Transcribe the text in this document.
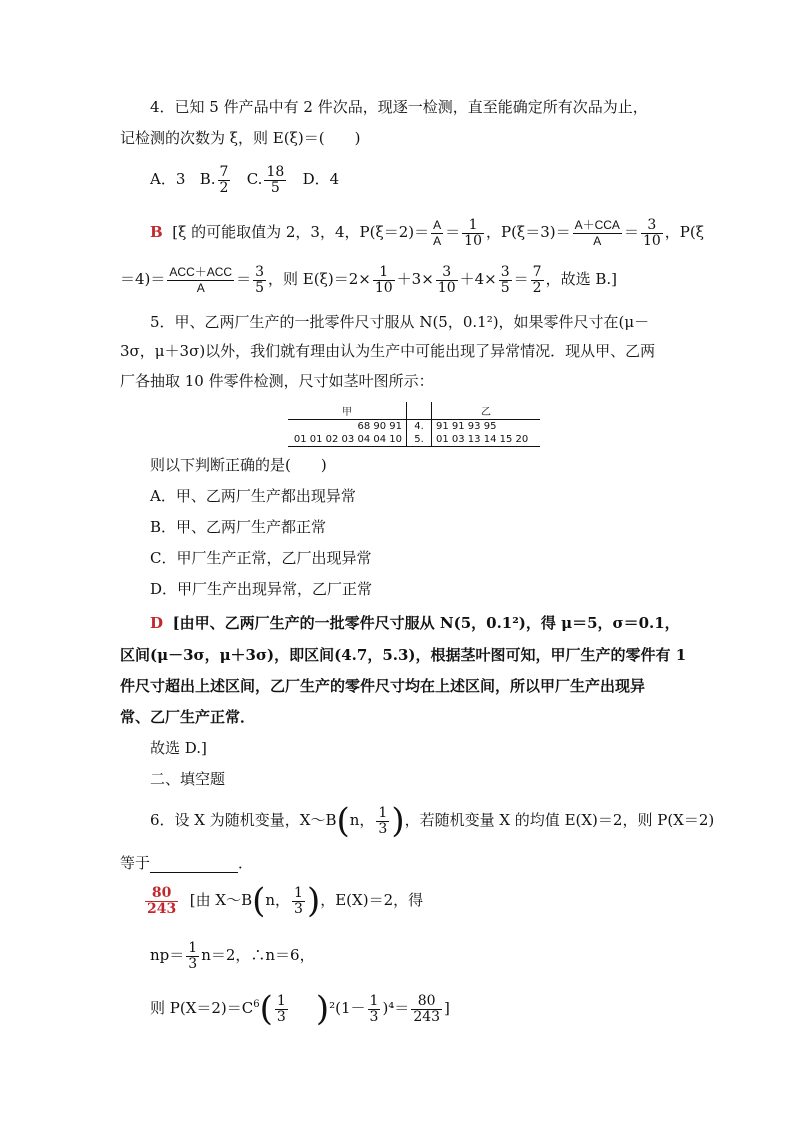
4．已知 5 件产品中有 2 件次品，现逐一检测，直至能确定所有次品为止，
记检测的次数为 ξ，则 E(ξ)＝(　　)
A．3 B. $\frac{7}{2} C$. $\frac{18}{5}$ D．4
B [ξ 的可能取值为 2，3，4，$P(\xi=2)= \frac{A}{A} = \frac{1}{10}$ ，$P(\xi=3)= \frac{\text{A＋CCA}}{A} = \frac{3}{10}$ ，P(ξ
$=4)= \frac{\text{ACC＋ACC}}{A} = \frac{3}{5}$ ，则 $E(\xi)=2\times \frac{1}{10} +3\times \frac{3}{10} +4\times \frac{3}{5} = \frac{7}{2}$ ，故选 B.]
5．甲、乙两厂生产的一批零件尺寸服从 N(5，0.1²)，如果零件尺寸在(μ－
3σ，μ＋3σ)以外，我们就有理由认为生产中可能出现了异常情况．现从甲、乙两
厂各抽取 10 件零件检测，尺寸如茎叶图所示：
甲		乙
68 90 91	4.	91 91 93 95
01 01 02 03 04 04 10	5.	01 03 13 14 15 20
则以下判断正确的是(　　)
A．甲、乙两厂生产都出现异常
B．甲、乙两厂生产都正常
C．甲厂生产正常，乙厂出现异常
D．甲厂生产出现异常，乙厂正常
D [由甲、乙两厂生产的一批零件尺寸服从 N(5，0.1²)，得 μ＝5，σ＝0.1，
区间(μ－3σ，μ＋3σ)，即区间(4.7，5.3)，根据茎叶图可知，甲厂生产的零件有 1
件尺寸超出上述区间，乙厂生产的零件尺寸均在上述区间，所以甲厂生产出现异
常、乙厂生产正常．
故选 D.]
二、填空题
6．设 X 为随机变量，X～B(n， $\frac{1}{3}$ )，若随机变量 X 的均值 E(X)＝2，则 P(X＝2)
等于	．
$\frac{80}{243}$ [由 X～B(n， $\frac{1}{3}$ )，E(X)＝2，得
$np= \frac{1}{3} n=2$，∴n＝6，
则 $P(X=2)=C^6( \frac{1}{3} )^2(1- \frac{1}{3} )^4= \frac{80}{243}$ ]
